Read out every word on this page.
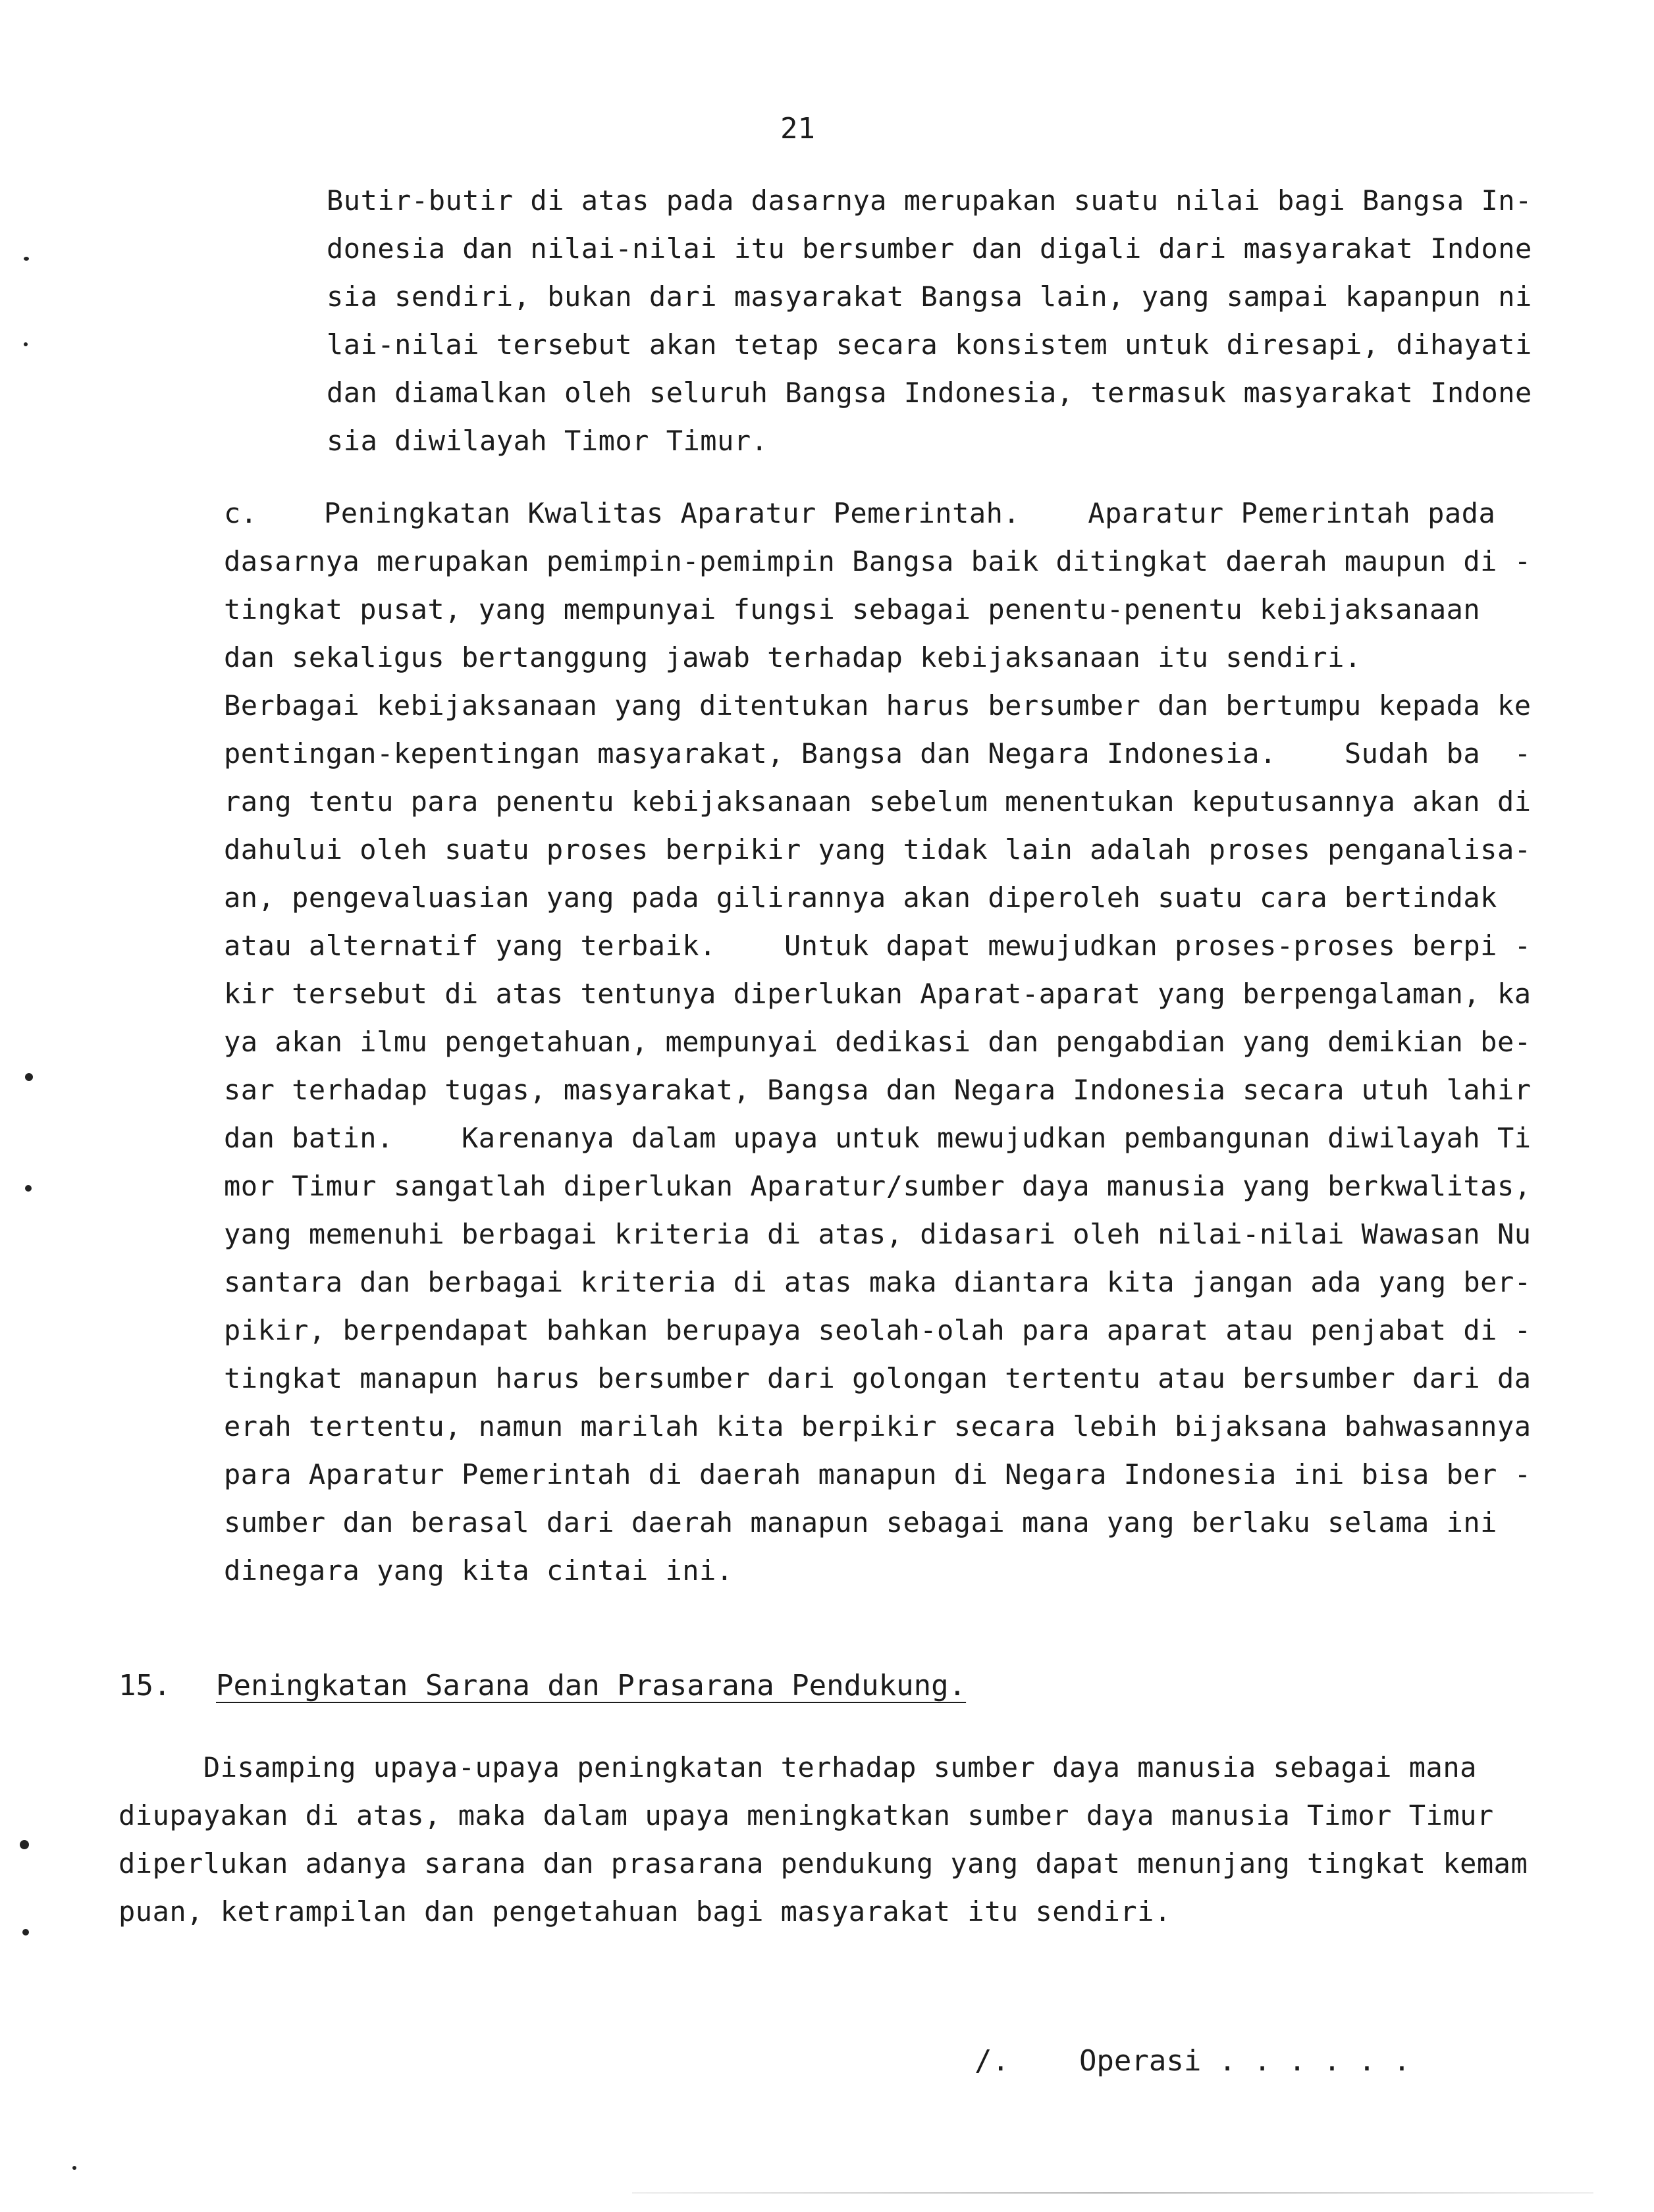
21
Butir-butir di atas pada dasarnya merupakan suatu nilai bagi Bangsa In-
donesia dan nilai-nilai itu bersumber dan digali dari masyarakat Indone
sia sendiri, bukan dari masyarakat Bangsa lain, yang sampai kapanpun ni
lai-nilai tersebut akan tetap secara konsistem untuk diresapi, dihayati
dan diamalkan oleh seluruh Bangsa Indonesia, termasuk masyarakat Indone
sia diwilayah Timor Timur.
c. Peningkatan Kwalitas Aparatur Pemerintah.    Aparatur Pemerintah pada
dasarnya merupakan pemimpin-pemimpin Bangsa baik ditingkat daerah maupun di -
tingkat pusat, yang mempunyai fungsi sebagai penentu-penentu kebijaksanaan
dan sekaligus bertanggung jawab terhadap kebijaksanaan itu sendiri.
Berbagai kebijaksanaan yang ditentukan harus bersumber dan bertumpu kepada ke
pentingan-kepentingan masyarakat, Bangsa dan Negara Indonesia.    Sudah ba  -
rang tentu para penentu kebijaksanaan sebelum menentukan keputusannya akan di
dahului oleh suatu proses berpikir yang tidak lain adalah proses penganalisa-
an, pengevaluasian yang pada gilirannya akan diperoleh suatu cara bertindak
atau alternatif yang terbaik.    Untuk dapat mewujudkan proses-proses berpi -
kir tersebut di atas tentunya diperlukan Aparat-aparat yang berpengalaman, ka
ya akan ilmu pengetahuan, mempunyai dedikasi dan pengabdian yang demikian be-
sar terhadap tugas, masyarakat, Bangsa dan Negara Indonesia secara utuh lahir
dan batin.    Karenanya dalam upaya untuk mewujudkan pembangunan diwilayah Ti
mor Timur sangatlah diperlukan Aparatur/sumber daya manusia yang berkwalitas,
yang memenuhi berbagai kriteria di atas, didasari oleh nilai-nilai Wawasan Nu
santara dan berbagai kriteria di atas maka diantara kita jangan ada yang ber-
pikir, berpendapat bahkan berupaya seolah-olah para aparat atau penjabat di -
tingkat manapun harus bersumber dari golongan tertentu atau bersumber dari da
erah tertentu, namun marilah kita berpikir secara lebih bijaksana bahwasannya
para Aparatur Pemerintah di daerah manapun di Negara Indonesia ini bisa ber -
sumber dan berasal dari daerah manapun sebagai mana yang berlaku selama ini
dinegara yang kita cintai ini.
15. Peningkatan Sarana dan Prasarana Pendukung.
Disamping upaya-upaya peningkatan terhadap sumber daya manusia sebagai mana
diupayakan di atas, maka dalam upaya meningkatkan sumber daya manusia Timor Timur
diperlukan adanya sarana dan prasarana pendukung yang dapat menunjang tingkat kemam
puan, ketrampilan dan pengetahuan bagi masyarakat itu sendiri.
/.    Operasi . . . . . .
